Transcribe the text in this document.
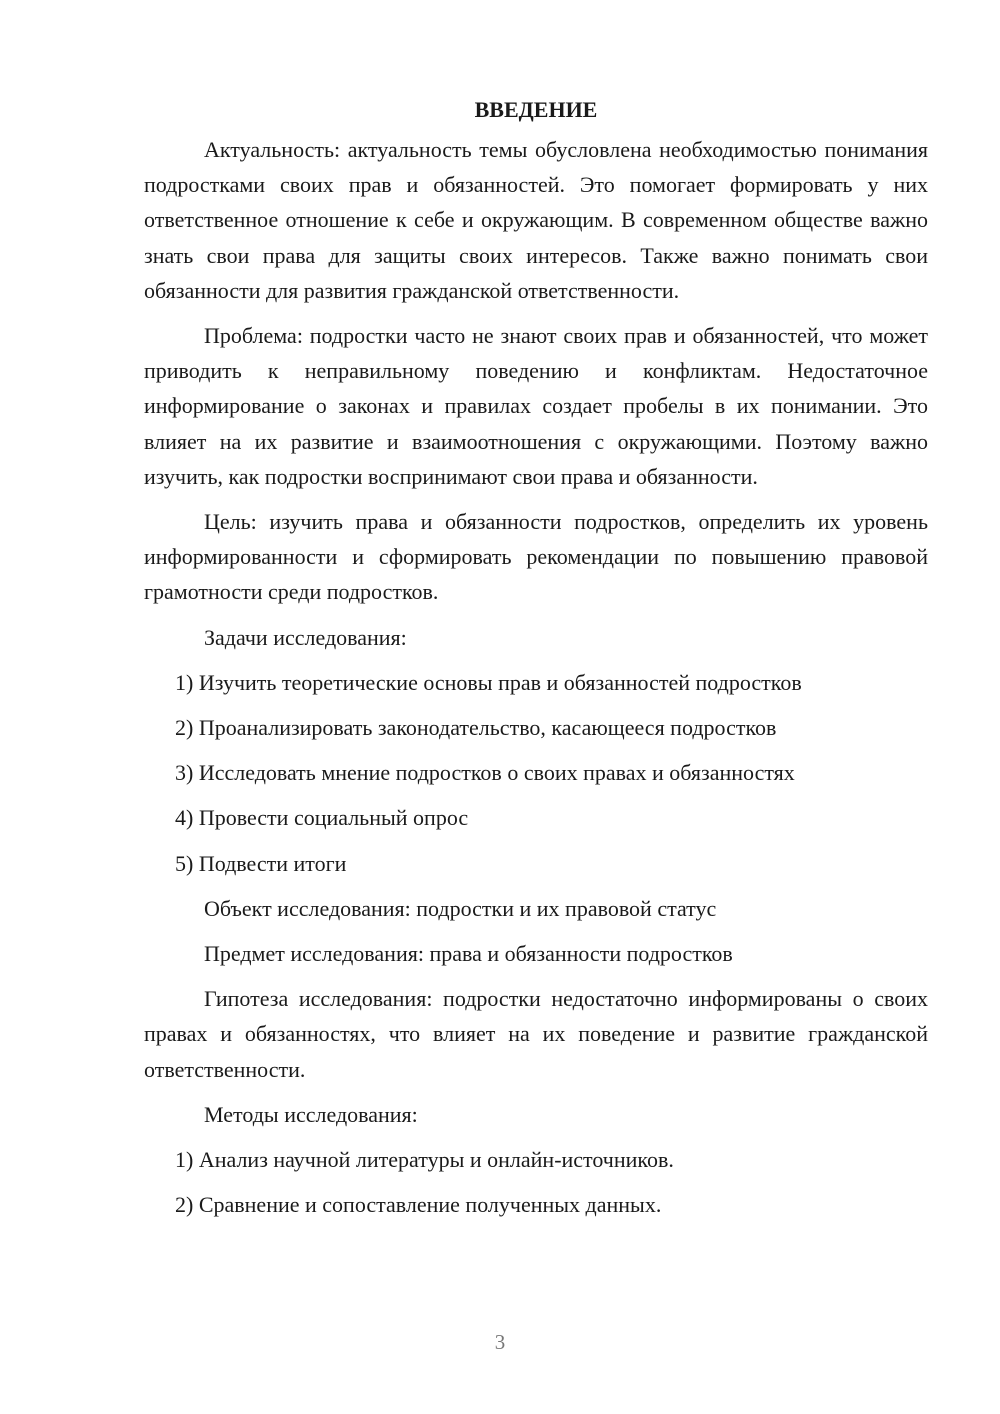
ВВЕДЕНИЕ

Актуальность: актуальность темы обусловлена необходимостью понимания подростками своих прав и обязанностей. Это помогает формировать у них ответственное отношение к себе и окружающим. В современном обществе важно знать свои права для защиты своих интересов. Также важно понимать свои обязанности для развития гражданской ответственности.

Проблема: подростки часто не знают своих прав и обязанностей, что может приводить к неправильному поведению и конфликтам. Недостаточное информирование о законах и правилах создает пробелы в их понимании. Это влияет на их развитие и взаимоотношения с окружающими. Поэтому важно изучить, как подростки воспринимают свои права и обязанности.

Цель: изучить права и обязанности подростков, определить их уровень информированности и сформировать рекомендации по повышению правовой грамотности среди подростков.

Задачи исследования:

1) Изучить теоретические основы прав и обязанностей подростков

2) Проанализировать законодательство, касающееся подростков

3) Исследовать мнение подростков о своих правах и обязанностях

4) Провести социальный опрос

5) Подвести итоги

Объект исследования: подростки и их правовой статус

Предмет исследования: права и обязанности подростков

Гипотеза исследования: подростки недостаточно информированы о своих правах и обязанностях, что влияет на их поведение и развитие гражданской ответственности.

Методы исследования:

1) Анализ научной литературы и онлайн-источников.

2) Сравнение и сопоставление полученных данных.

3
